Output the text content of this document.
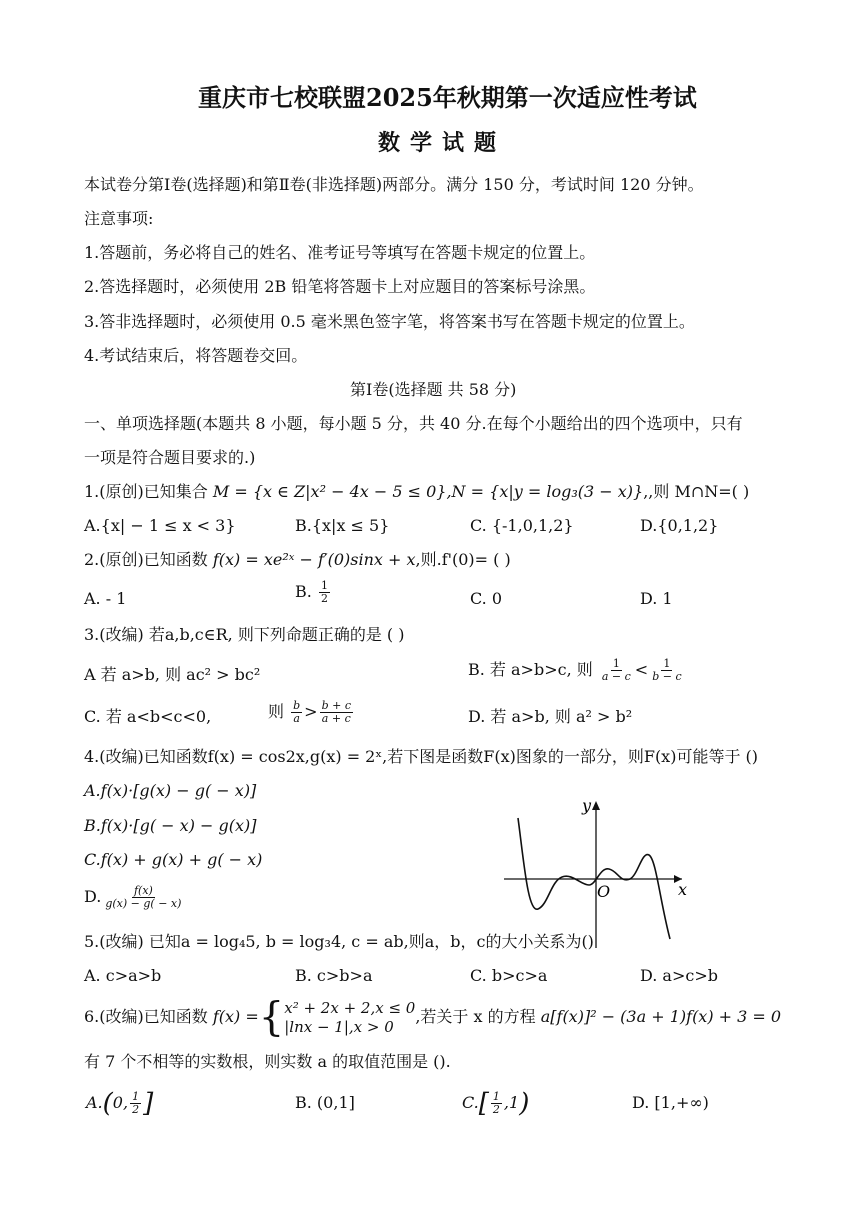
重庆市七校联盟2025年秋期第一次适应性考试
数学试题
本试卷分第Ⅰ卷(选择题)和第Ⅱ卷(非选择题)两部分。满分 150 分，考试时间 120 分钟。
注意事项:
1.答题前，务必将自己的姓名、准考证号等填写在答题卡规定的位置上。
2.答选择题时，必须使用 2B 铅笔将答题卡上对应题目的答案标号涂黑。
3.答非选择题时，必须使用 0.5 毫米黑色签字笔，将答案书写在答题卡规定的位置上。
4.考试结束后，将答题卷交回。
第Ⅰ卷(选择题 共 58 分)
一、单项选择题(本题共 8 小题，每小题 5 分，共 40 分.在每个小题给出的四个选项中，只有
一项是符合题目要求的.)
1.(原创)已知集合 M = {x ∈ Z|x² − 4x − 5 ≤ 0},N = {x|y = log₃(3 − x)},,则 M∩N=( )
A.{x| − 1 ≤ x < 3}	B.{x|x ≤ 5}	C. {-1,0,1,2}	D.{0,1,2}
2.(原创)已知函数 f(x) = xe²ˣ − f′(0)sinx + x,则.f'(0)= ( )
A. - 1	B. $\frac{1}{2}$	C. 0	D. 1
3.(改编) 若a,b,c∈R, 则下列命题正确的是 ( )
A 若 a>b, 则 ac² > bc²	B. 若 a>b>c, 则 $\frac{1}{a - c} < \frac{1}{b - c}$
C. 若 a<b<c<0,	则 $\frac{b}{a} > \frac{b + c}{a + c}$	D. 若 a>b, 则 a² > b²
4.(改编)已知函数f(x) = cos2x,g(x) = 2ˣ,若下图是函数F(x)图象的一部分，则F(x)可能等于 ()
A.f(x)·[g(x) − g( − x)]
B.f(x)·[g( − x) − g(x)]
C.f(x) + g(x) + g( − x)
D. $\frac{f(x)}{g(x) - g( - x)}$
y
x
O
5.(改编) 已知a = log₄5, b = log₃4, c = ab,则a，b，c的大小关系为()
A. c>a>b	B. c>b>a	C. b>c>a	D. a>c>b
6.(改编)已知函数 f(x) ={ x² + 2x + 2,x ≤ 0
|lnx − 1|,x > 0
,若关于 x 的方程 a[f(x)]² − (3a + 1)f(x) + 3 = 0
有 7 个不相等的实数根，则实数 a 的取值范围是 ().
A.(0, $\frac{1}{2}$ ]	B. (0,1]	$C.[ \frac{1}{2} ,1)$	D. [1,+∞)
